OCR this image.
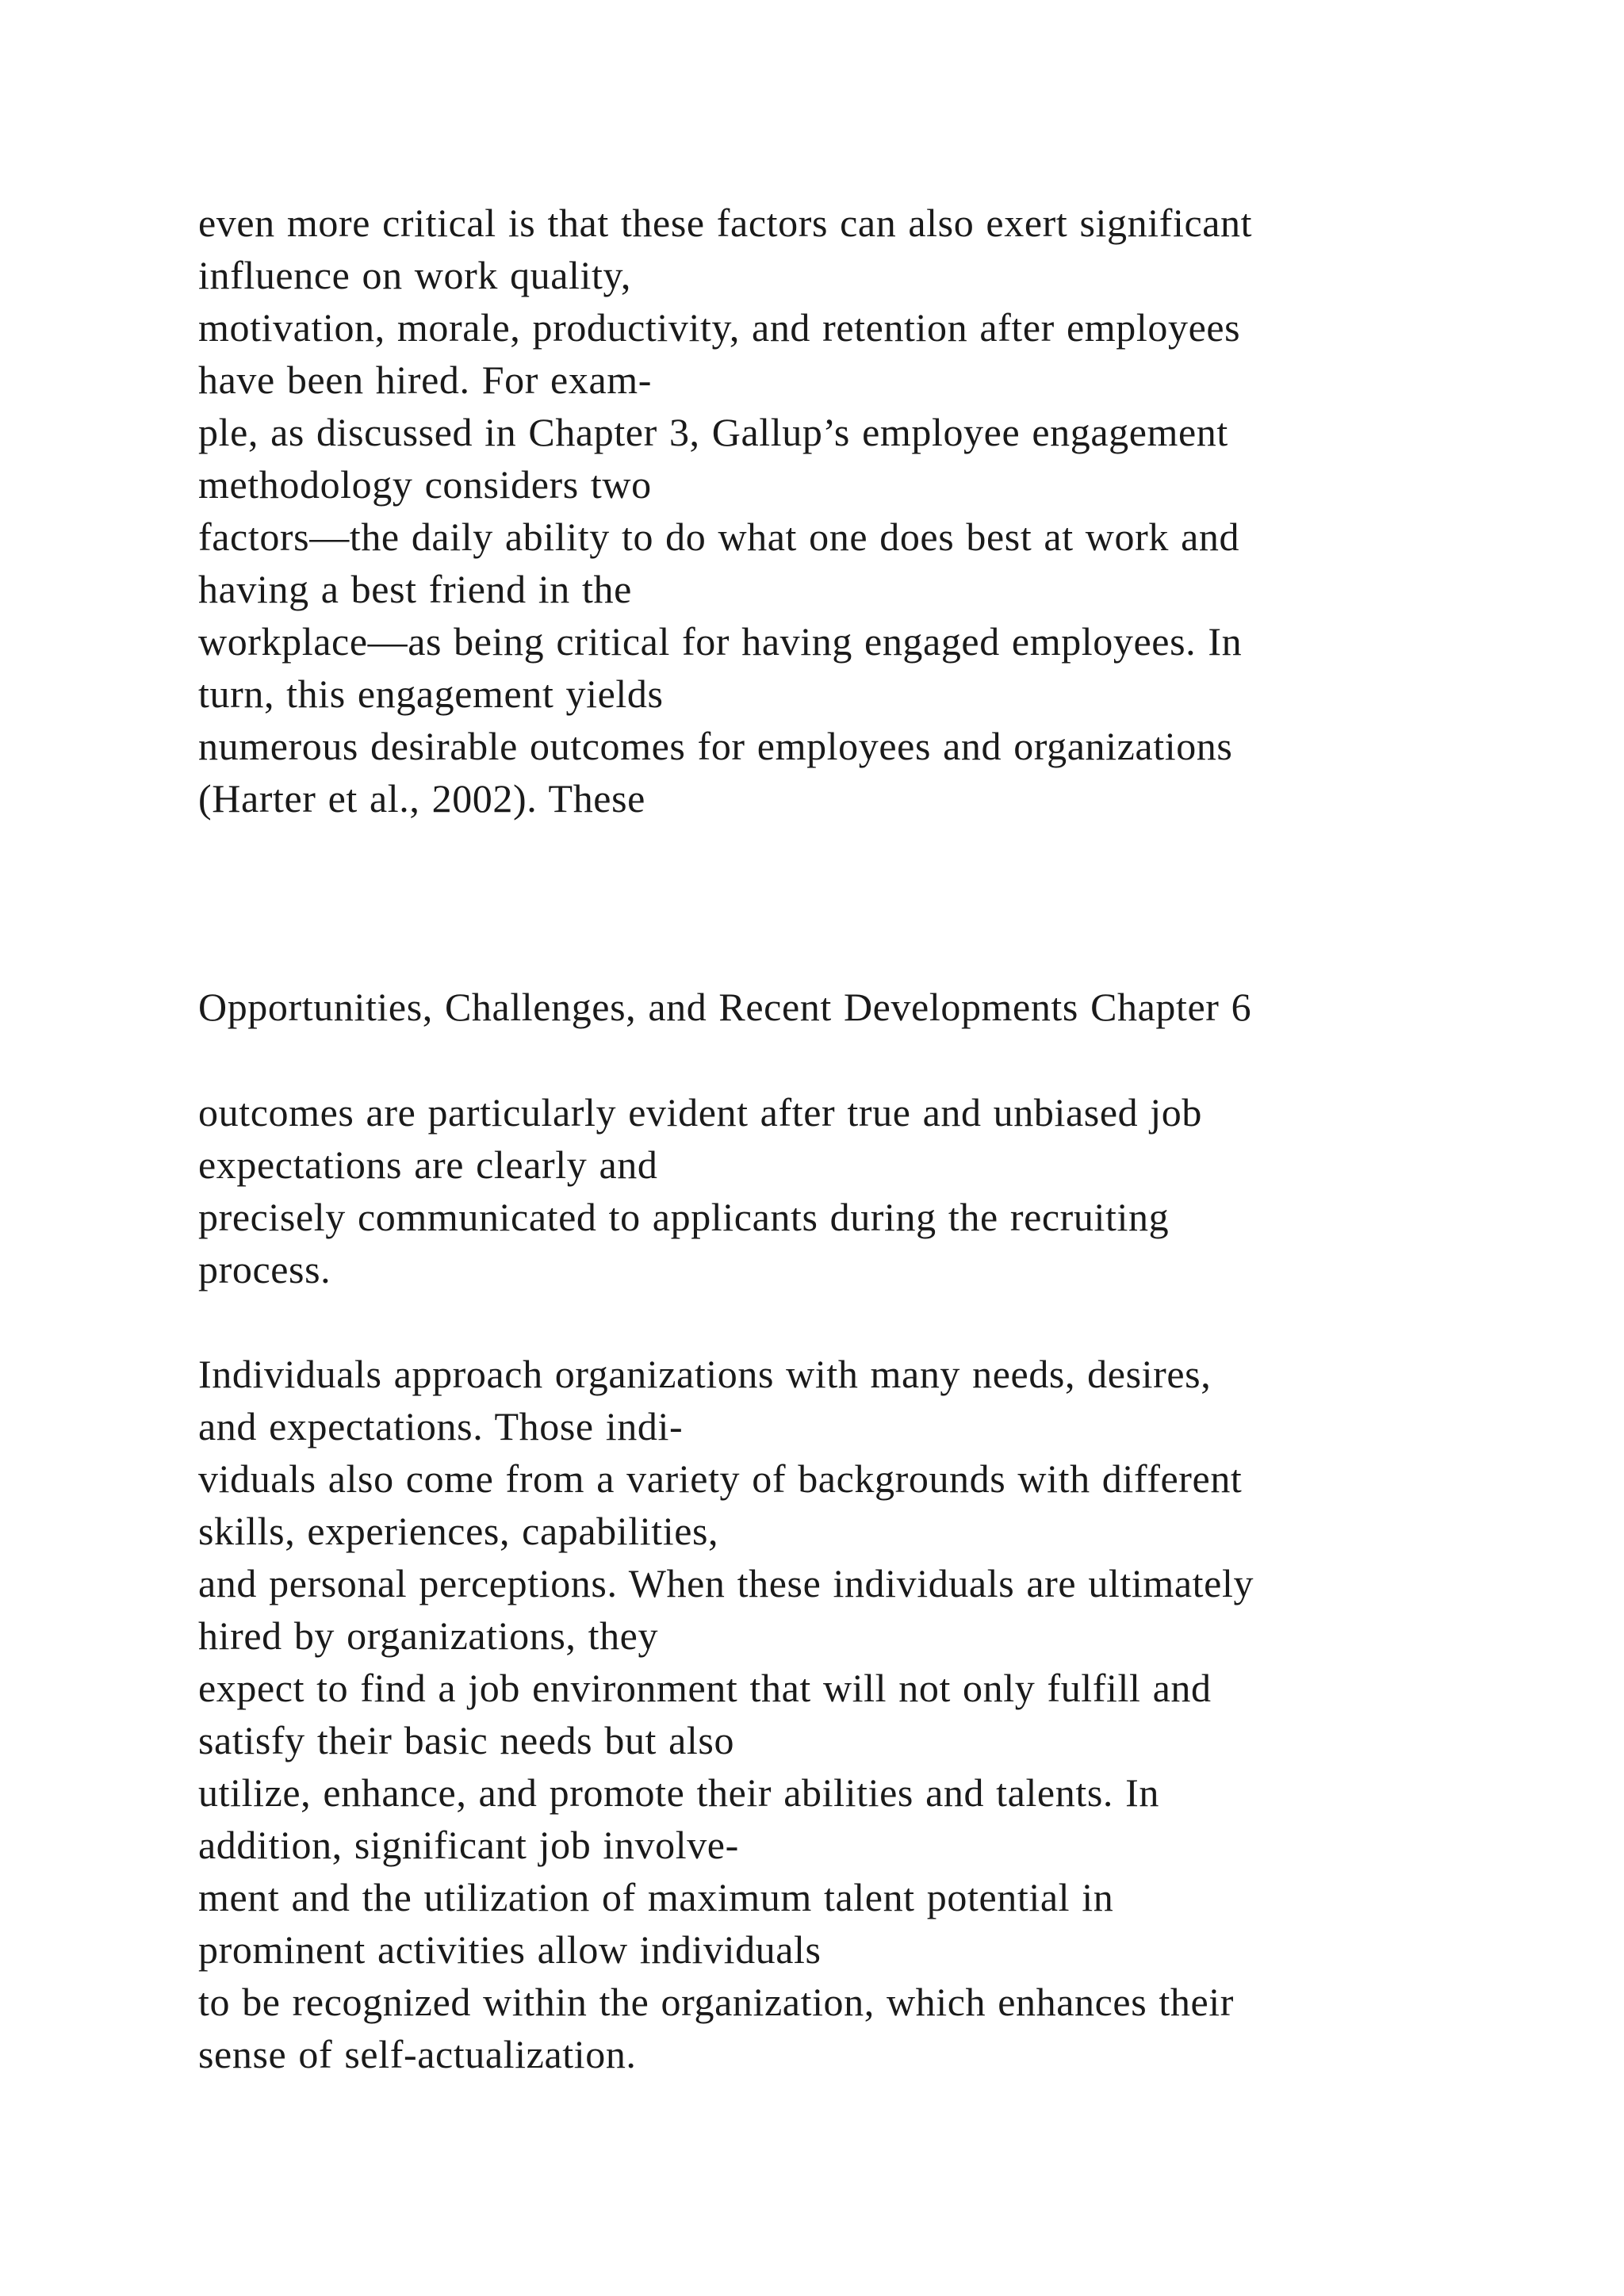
even more critical is that these factors can also exert significant
influence on work quality,
motivation, morale, productivity, and retention after employees
have been hired. For exam-
ple, as discussed in Chapter 3, Gallup’s employee engagement
methodology considers two
factors—the daily ability to do what one does best at work and
having a best friend in the
workplace—as being critical for having engaged employees. In
turn, this engagement yields
numerous desirable outcomes for employees and organizations
(Harter et al., 2002). These
Opportunities, Challenges, and Recent Developments Chapter 6
outcomes are particularly evident after true and unbiased job
expectations are clearly and
precisely communicated to applicants during the recruiting
process.
Individuals approach organizations with many needs, desires,
and expectations. Those indi-
viduals also come from a variety of backgrounds with different
skills, experiences, capabilities,
and personal perceptions. When these individuals are ultimately
hired by organizations, they
expect to find a job environment that will not only fulfill and
satisfy their basic needs but also
utilize, enhance, and promote their abilities and talents. In
addition, significant job involve-
ment and the utilization of maximum talent potential in
prominent activities allow individuals
to be recognized within the organization, which enhances their
sense of self-actualization.
